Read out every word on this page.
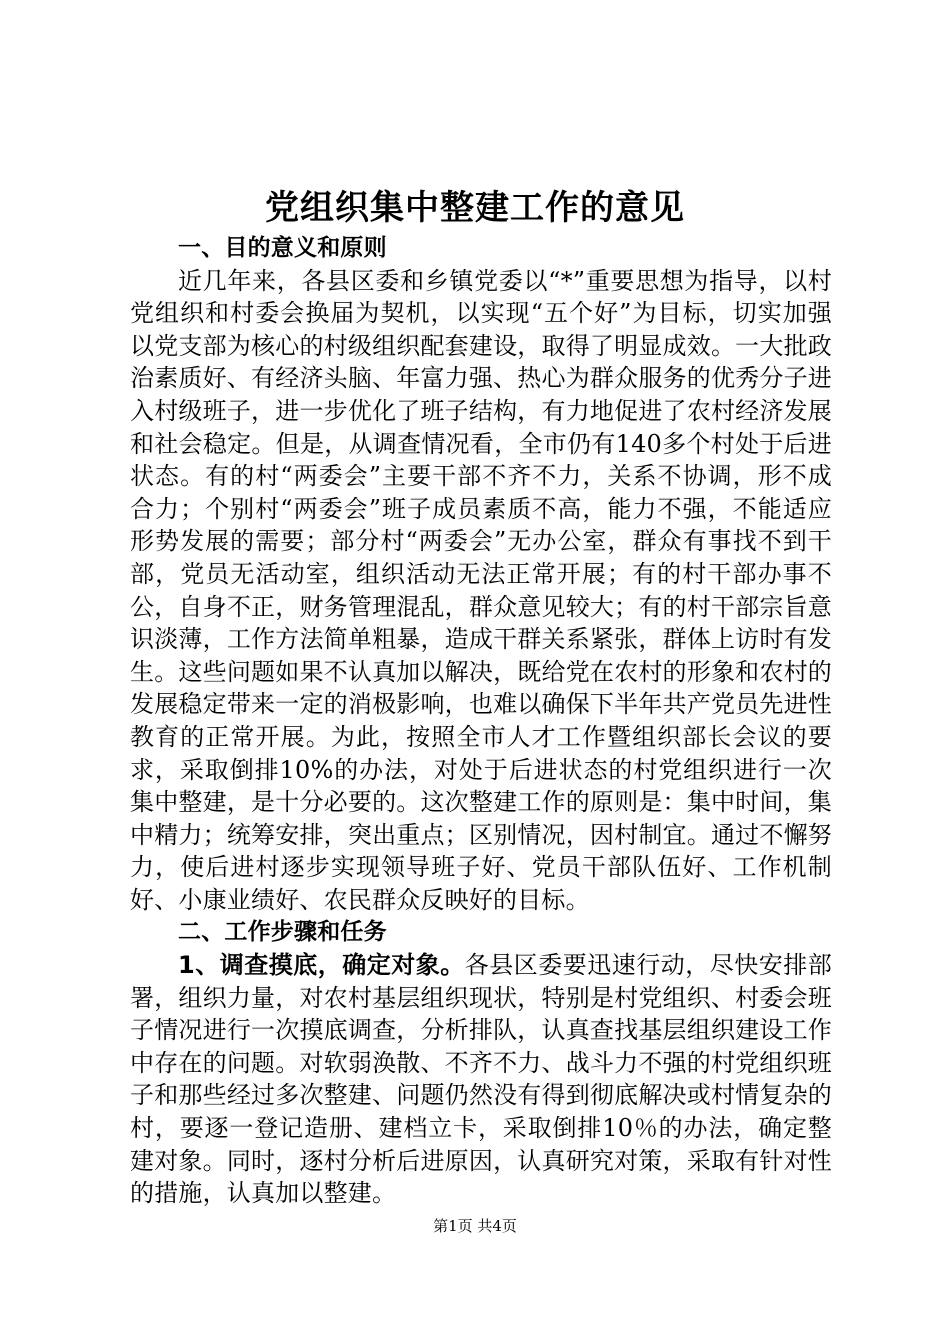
党组织集中整建工作的意见

一、目的意义和原则

近几年来，各县区委和乡镇党委以“*”重要思想为指导，以村党组织和村委会换届为契机，以实现“五个好”为目标，切实加强以党支部为核心的村级组织配套建设，取得了明显成效。一大批政治素质好、有经济头脑、年富力强、热心为群众服务的优秀分子进入村级班子，进一步优化了班子结构，有力地促进了农村经济发展和社会稳定。但是，从调查情况看，全市仍有140多个村处于后进状态。有的村“两委会”主要干部不齐不力，关系不协调，形不成合力；个别村“两委会”班子成员素质不高，能力不强，不能适应形势发展的需要；部分村“两委会”无办公室，群众有事找不到干部，党员无活动室，组织活动无法正常开展；有的村干部办事不公，自身不正，财务管理混乱，群众意见较大；有的村干部宗旨意识淡薄，工作方法简单粗暴，造成干群关系紧张，群体上访时有发生。这些问题如果不认真加以解决，既给党在农村的形象和农村的发展稳定带来一定的消极影响，也难以确保下半年共产党员先进性教育的正常开展。为此，按照全市人才工作暨组织部长会议的要求，采取倒排10%的办法，对处于后进状态的村党组织进行一次集中整建，是十分必要的。这次整建工作的原则是：集中时间，集中精力；统筹安排，突出重点；区别情况，因村制宜。通过不懈努力，使后进村逐步实现领导班子好、党员干部队伍好、工作机制好、小康业绩好、农民群众反映好的目标。

二、工作步骤和任务

1、调查摸底，确定对象。各县区委要迅速行动，尽快安排部署，组织力量，对农村基层组织现状，特别是村党组织、村委会班子情况进行一次摸底调查，分析排队，认真查找基层组织建设工作中存在的问题。对软弱涣散、不齐不力、战斗力不强的村党组织班子和那些经过多次整建、问题仍然没有得到彻底解决或村情复杂的村，要逐一登记造册、建档立卡，采取倒排10％的办法，确定整建对象。同时，逐村分析后进原因，认真研究对策，采取有针对性的措施，认真加以整建。

第1页 共4页
